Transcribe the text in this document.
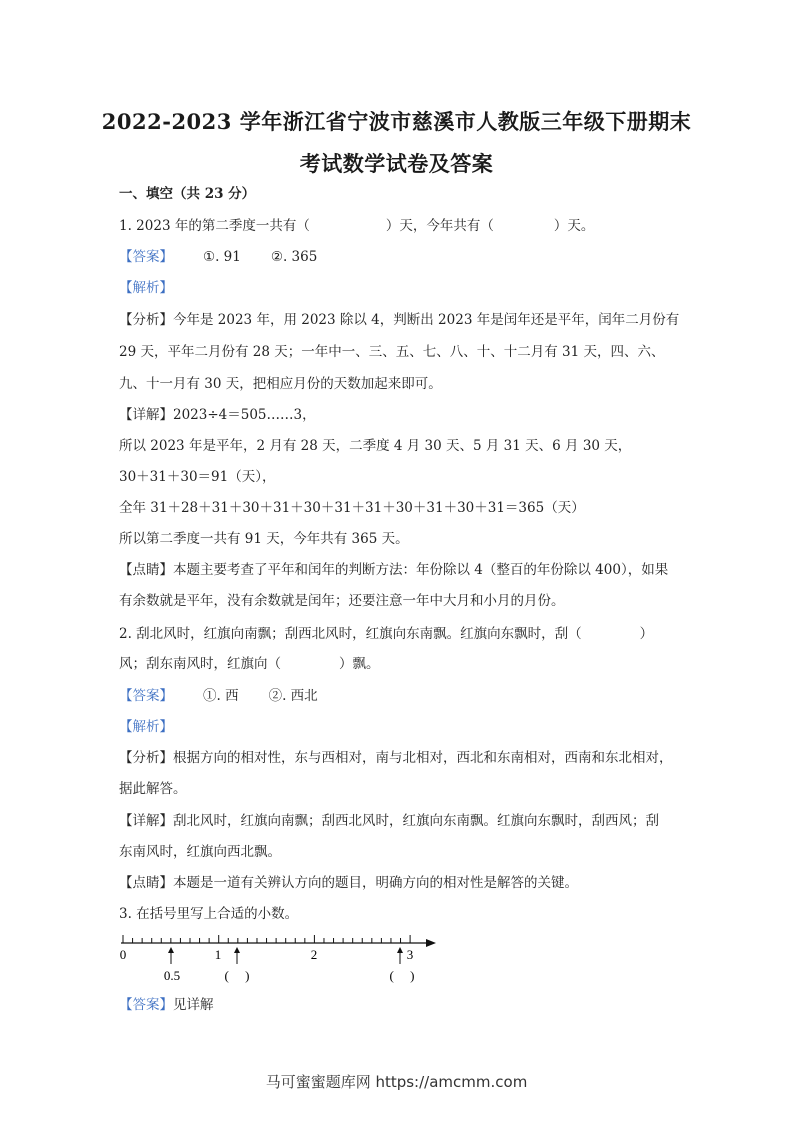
2022-2023 学年浙江省宁波市慈溪市人教版三年级下册期末
考试数学试卷及答案
一、填空（共 23 分）
1. 2023 年的第二季度一共有（	）天，今年共有（	）天。
【答案】 ①. 91 ②. 365
【解析】
【分析】今年是 2023 年，用 2023 除以 4，判断出 2023 年是闰年还是平年，闰年二月份有
29 天，平年二月份有 28 天；一年中一、三、五、七、八、十、十二月有 31 天，四、六、
九、十一月有 30 天，把相应月份的天数加起来即可。
【详解】2023÷4＝505……3，
所以 2023 年是平年，2 月有 28 天，二季度 4 月 30 天、5 月 31 天、6 月 30 天，
30＋31＋30＝91（天），
全年 31＋28＋31＋30＋31＋30＋31＋31＋30＋31＋30＋31＝365（天）
所以第二季度一共有 91 天，今年共有 365 天。
【点睛】本题主要考查了平年和闰年的判断方法：年份除以 4（整百的年份除以 400），如果
有余数就是平年，没有余数就是闰年；还要注意一年中大月和小月的月份。
2. 刮北风时，红旗向南飘；刮西北风时，红旗向东南飘。红旗向东飘时，刮（	）
风；刮东南风时，红旗向（	）飘。
【答案】 ①. 西 ②. 西北
【解析】
【分析】根据方向的相对性，东与西相对，南与北相对，西北和东南相对，西南和东北相对，
据此解答。
【详解】刮北风时，红旗向南飘；刮西北风时，红旗向东南飘。红旗向东飘时，刮西风；刮
东南风时，红旗向西北飘。
【点睛】本题是一道有关辨认方向的题目，明确方向的相对性是解答的关键。
3. 在括号里写上合适的小数。
0	1	2	3
0.5	(     )	(     )
【答案】见详解
马可蜜蜜题库网 https://amcmm.com
